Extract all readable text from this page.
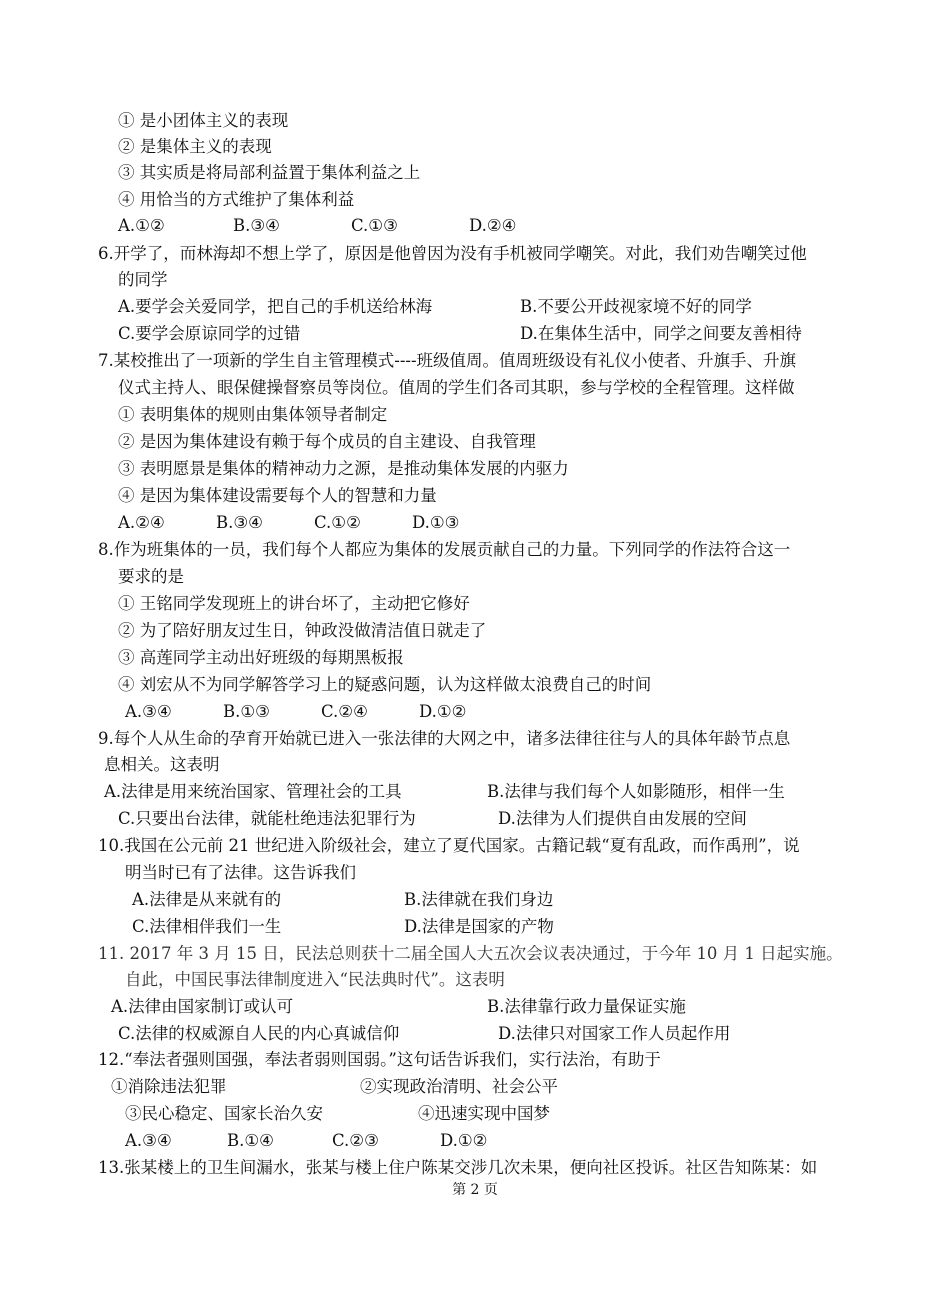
① 是小团体主义的表现
② 是集体主义的表现
③ 其实质是将局部利益置于集体利益之上
④ 用恰当的方式维护了集体利益
A.①②	B.③④	C.①③	D.②④
6.开学了，而林海却不想上学了，原因是他曾因为没有手机被同学嘲笑。对此，我们劝告嘲笑过他
的同学
A.要学会关爱同学，把自己的手机送给林海	B.不要公开歧视家境不好的同学
C.要学会原谅同学的过错	D.在集体生活中，同学之间要友善相待
7.某校推出了一项新的学生自主管理模式----班级值周。值周班级设有礼仪小使者、升旗手、升旗
仪式主持人、眼保健操督察员等岗位。值周的学生们各司其职，参与学校的全程管理。这样做
① 表明集体的规则由集体领导者制定
② 是因为集体建设有赖于每个成员的自主建设、自我管理
③ 表明愿景是集体的精神动力之源，是推动集体发展的内驱力
④ 是因为集体建设需要每个人的智慧和力量
A.②④	B.③④	C.①②	D.①③
8.作为班集体的一员，我们每个人都应为集体的发展贡献自己的力量。下列同学的作法符合这一
要求的是
① 王铭同学发现班上的讲台坏了，主动把它修好
② 为了陪好朋友过生日，钟政没做清洁值日就走了
③ 高莲同学主动出好班级的每期黑板报
④ 刘宏从不为同学解答学习上的疑惑问题，认为这样做太浪费自己的时间
A.③④	B.①③	C.②④	D.①②
9.每个人从生命的孕育开始就已进入一张法律的大网之中，诸多法律往往与人的具体年龄节点息
息相关。这表明
A.法律是用来统治国家、管理社会的工具	B.法律与我们每个人如影随形，相伴一生
C.只要出台法律，就能杜绝违法犯罪行为	D.法律为人们提供自由发展的空间
10.我国在公元前 21 世纪进入阶级社会，建立了夏代国家。古籍记载“夏有乱政，而作禹刑”，说
明当时已有了法律。这告诉我们
A.法律是从来就有的	B.法律就在我们身边
C.法律相伴我们一生	D.法律是国家的产物
11. 2017 年 3 月 15 日，民法总则获十二届全国人大五次会议表决通过，于今年 10 月 1 日起实施。
自此，中国民事法律制度进入“民法典时代”。这表明
A.法律由国家制订或认可	B.法律靠行政力量保证实施
C.法律的权威源自人民的内心真诚信仰	D.法律只对国家工作人员起作用
12.“奉法者强则国强，奉法者弱则国弱。”这句话告诉我们，实行法治，有助于
①消除违法犯罪	②实现政治清明、社会公平
③民心稳定、国家长治久安	④迅速实现中国梦
A.③④	B.①④	C.②③	D.①②
13.张某楼上的卫生间漏水，张某与楼上住户陈某交涉几次未果，便向社区投诉。社区告知陈某：如
第 2 页
